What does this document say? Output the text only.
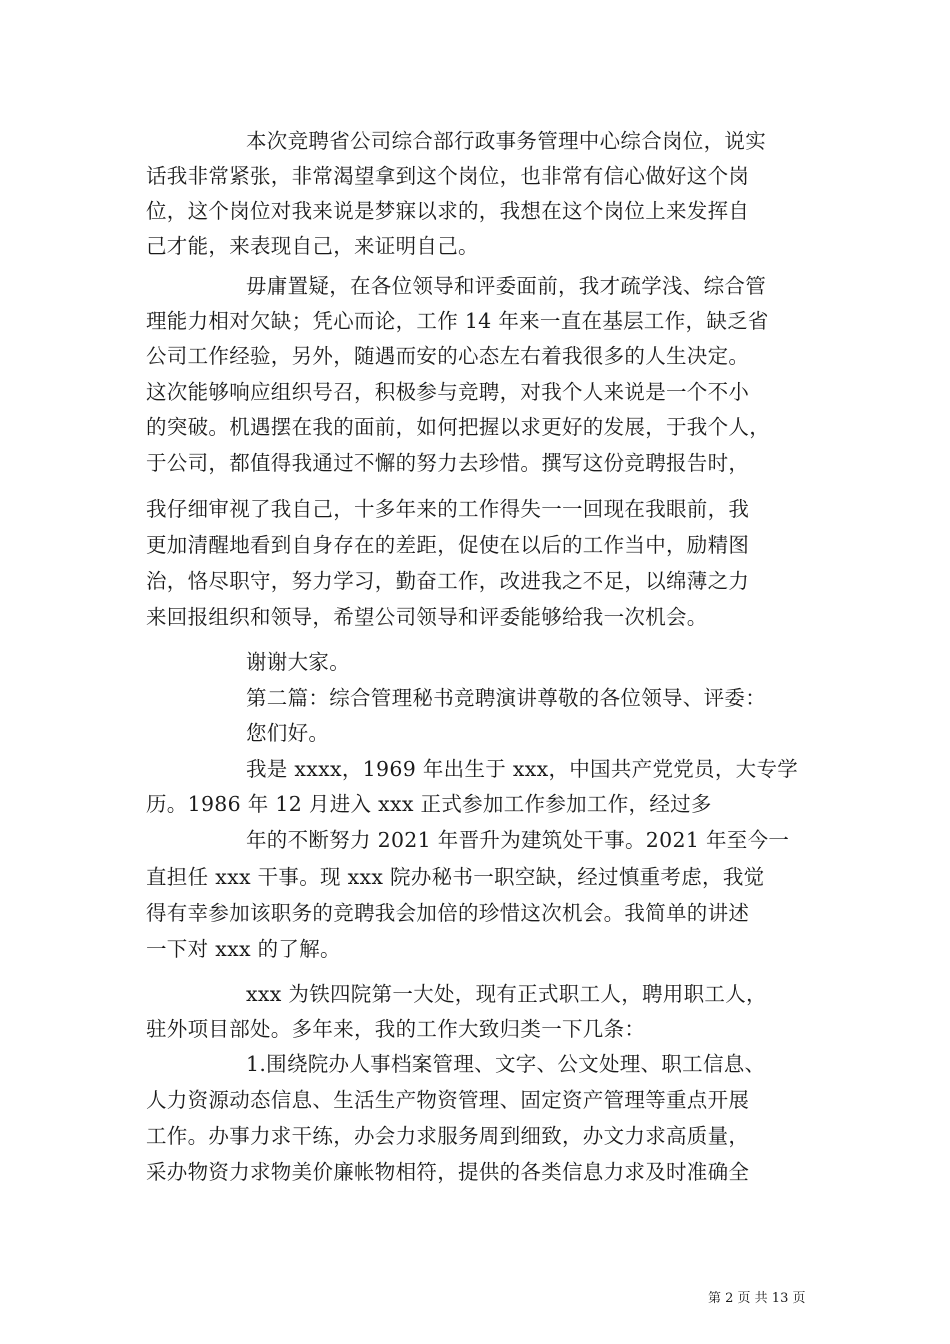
本次竞聘省公司综合部行政事务管理中心综合岗位，说实
话我非常紧张，非常渴望拿到这个岗位，也非常有信心做好这个岗
位，这个岗位对我来说是梦寐以求的，我想在这个岗位上来发挥自
己才能，来表现自己，来证明自己。
毋庸置疑，在各位领导和评委面前，我才疏学浅、综合管
理能力相对欠缺；凭心而论，工作 14 年来一直在基层工作，缺乏省
公司工作经验，另外，随遇而安的心态左右着我很多的人生决定。
这次能够响应组织号召，积极参与竞聘，对我个人来说是一个不小
的突破。机遇摆在我的面前，如何把握以求更好的发展，于我个人，
于公司，都值得我通过不懈的努力去珍惜。撰写这份竞聘报告时，
我仔细审视了我自己，十多年来的工作得失一一回现在我眼前，我
更加清醒地看到自身存在的差距，促使在以后的工作当中，励精图
治，恪尽职守，努力学习，勤奋工作，改进我之不足，以绵薄之力
来回报组织和领导，希望公司领导和评委能够给我一次机会。
谢谢大家。
第二篇：综合管理秘书竞聘演讲尊敬的各位领导、评委：
您们好。
我是 xxxx，1969 年出生于 xxx，中国共产党党员，大专学
历。1986 年 12 月进入 xxx 正式参加工作参加工作，经过多
年的不断努力 2021 年晋升为建筑处干事。2021 年至今一
直担任 xxx 干事。现 xxx 院办秘书一职空缺，经过慎重考虑，我觉
得有幸参加该职务的竞聘我会加倍的珍惜这次机会。我简单的讲述
一下对 xxx 的了解。
xxx 为铁四院第一大处，现有正式职工人，聘用职工人，
驻外项目部处。多年来，我的工作大致归类一下几条：
1.围绕院办人事档案管理、文字、公文处理、职工信息、
人力资源动态信息、生活生产物资管理、固定资产管理等重点开展
工作。办事力求干练，办会力求服务周到细致，办文力求高质量，
采办物资力求物美价廉帐物相符，提供的各类信息力求及时准确全
第 2 页 共 13 页
